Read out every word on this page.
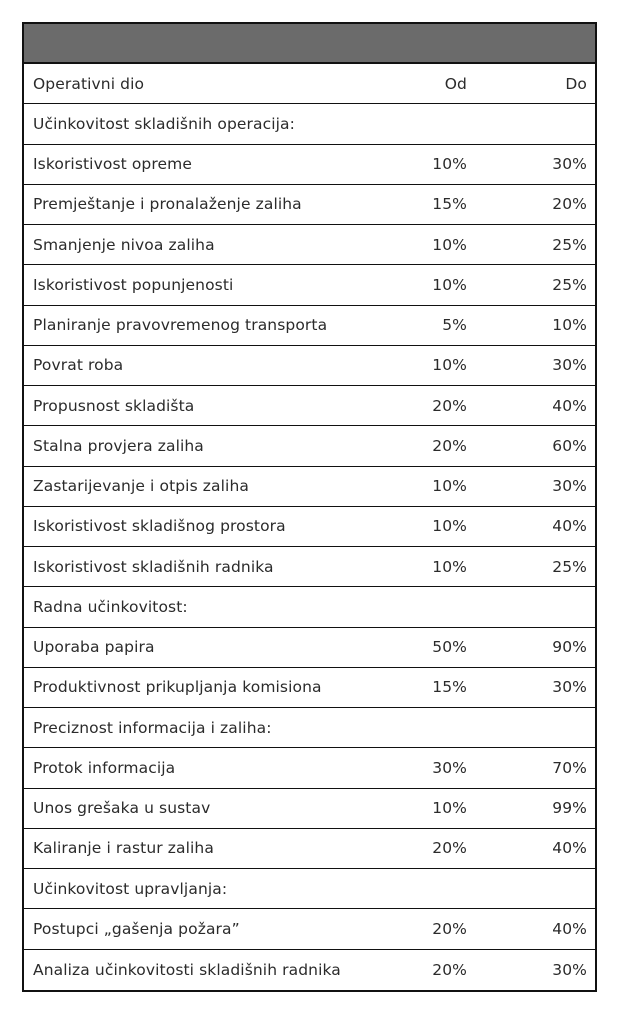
Operativni dio	Od	Do
Učinkovitost skladišnih operacija:
Iskoristivost opreme	10%	30%
Premještanje i pronalaženje zaliha	15%	20%
Smanjenje nivoa zaliha	10%	25%
Iskoristivost popunjenosti	10%	25%
Planiranje pravovremenog transporta	5%	10%
Povrat roba	10%	30%
Propusnost skladišta	20%	40%
Stalna provjera zaliha	20%	60%
Zastarijevanje i otpis zaliha	10%	30%
Iskoristivost skladišnog prostora	10%	40%
Iskoristivost skladišnih radnika	10%	25%
Radna učinkovitost:
Uporaba papira	50%	90%
Produktivnost prikupljanja komisiona	15%	30%
Preciznost informacija i zaliha:
Protok informacija	30%	70%
Unos grešaka u sustav	10%	99%
Kaliranje i rastur zaliha	20%	40%
Učinkovitost upravljanja:
Postupci „gašenja požara”	20%	40%
Analiza učinkovitosti skladišnih radnika	20%	30%
